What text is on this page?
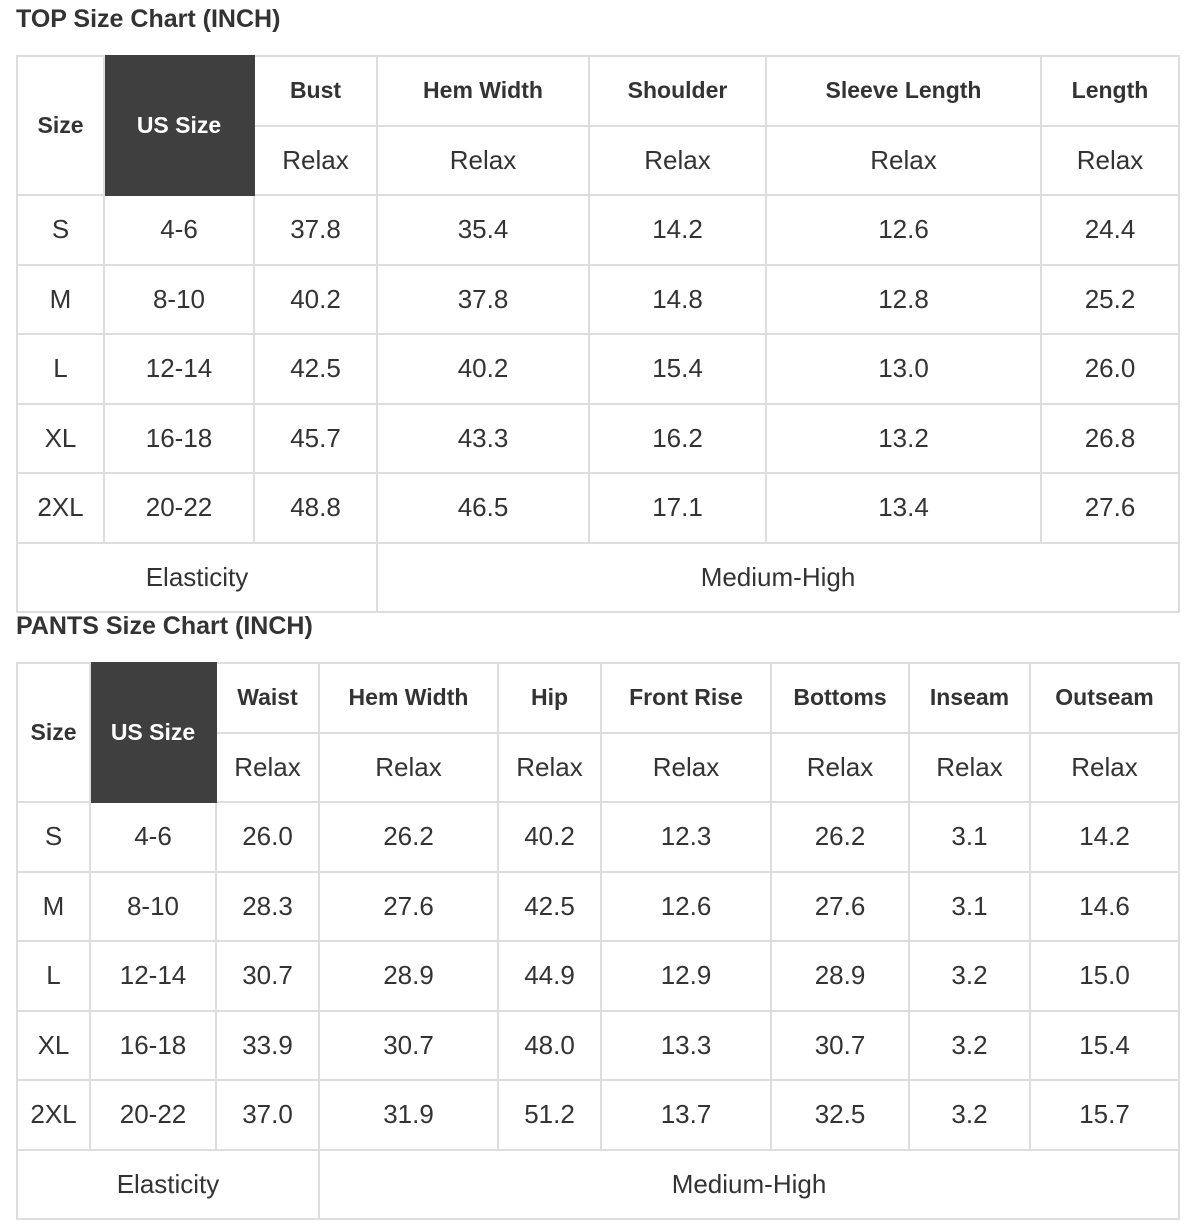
TOP Size Chart (INCH)
Size	US Size	Bust	Hem Width	Shoulder	Sleeve Length	Length
		Relax	Relax	Relax	Relax	Relax
S	4-6	37.8	35.4	14.2	12.6	24.4
M	8-10	40.2	37.8	14.8	12.8	25.2
L	12-14	42.5	40.2	15.4	13.0	26.0
XL	16-18	45.7	43.3	16.2	13.2	26.8
2XL	20-22	48.8	46.5	17.1	13.4	27.6
Elasticity			Medium-High			
PANTS Size Chart (INCH)
Size	US Size	Waist	Hem Width	Hip	Front Rise	Bottoms	Inseam	Outseam
		Relax	Relax	Relax	Relax	Relax	Relax	Relax
S	4-6	26.0	26.2	40.2	12.3	26.2	3.1	14.2
M	8-10	28.3	27.6	42.5	12.6	27.6	3.1	14.6
L	12-14	30.7	28.9	44.9	12.9	28.9	3.2	15.0
XL	16-18	33.9	30.7	48.0	13.3	30.7	3.2	15.4
2XL	20-22	37.0	31.9	51.2	13.7	32.5	3.2	15.7
Elasticity			Medium-High					
